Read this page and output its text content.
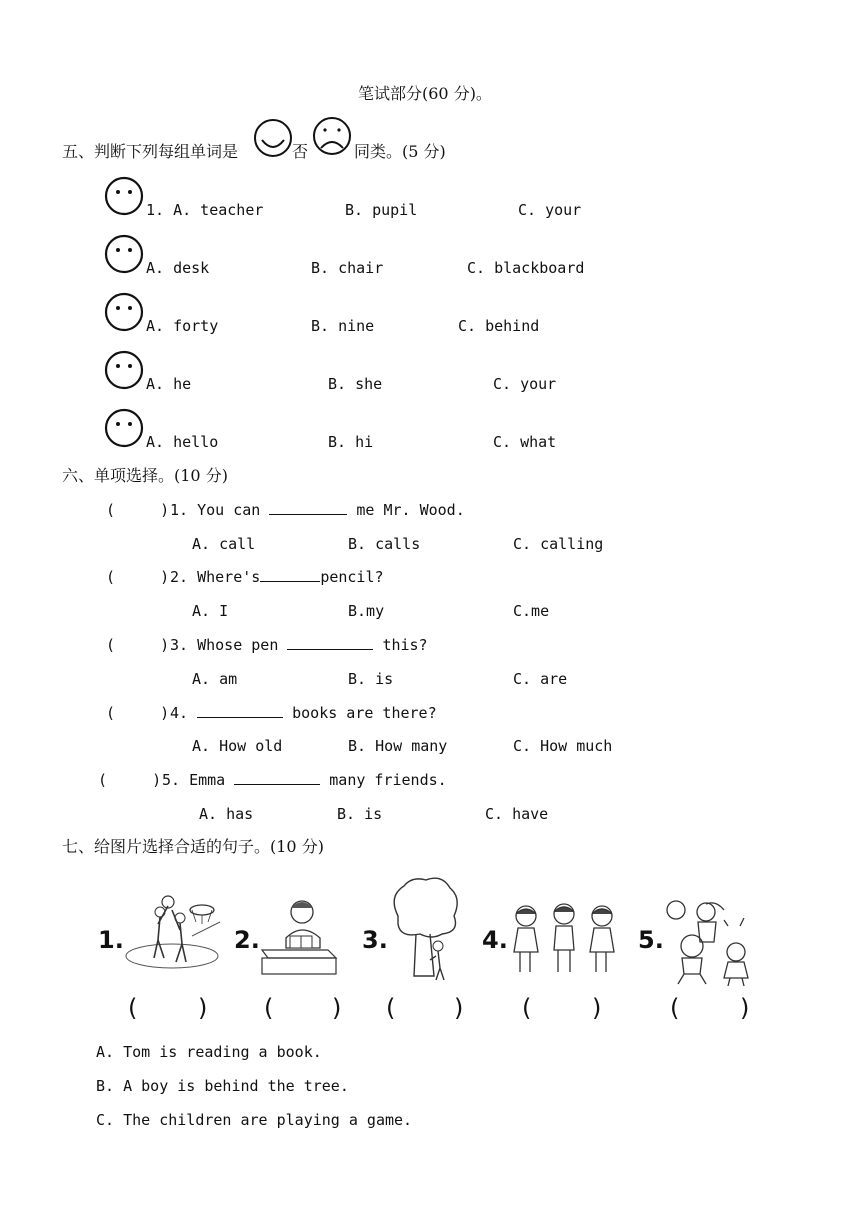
笔试部分(60 分)。
五、判断下列每组单词是	否	同类。(5 分)
1. A. teacher	B. pupil	C. your
A. desk	B. chair	C. blackboard
A. forty	B. nine	C. behind
A. he	B. she	C. your
A. hello	B. hi	C. what
六、单项选择。(10 分)
(     ) 1. You can	me Mr. Wood.
A. call	B. calls	C. calling
(     ) 2. Where's	pencil?
A. I	B.my	C.me
(     ) 3. Whose pen	this?
A. am	B. is	C. are
(     ) 4.	books are there?
A. How old	B. How many	C. How much
(     ) 5. Emma	many friends.
A. has	B. is	C. have
七、给图片选择合适的句子。(10 分)
1.	2.	3.	4.	5.
(	) ( ) ( ) (	)	(	)
A. Tom is reading a book.
B. A boy is behind the tree.
C. The children are playing a game.
